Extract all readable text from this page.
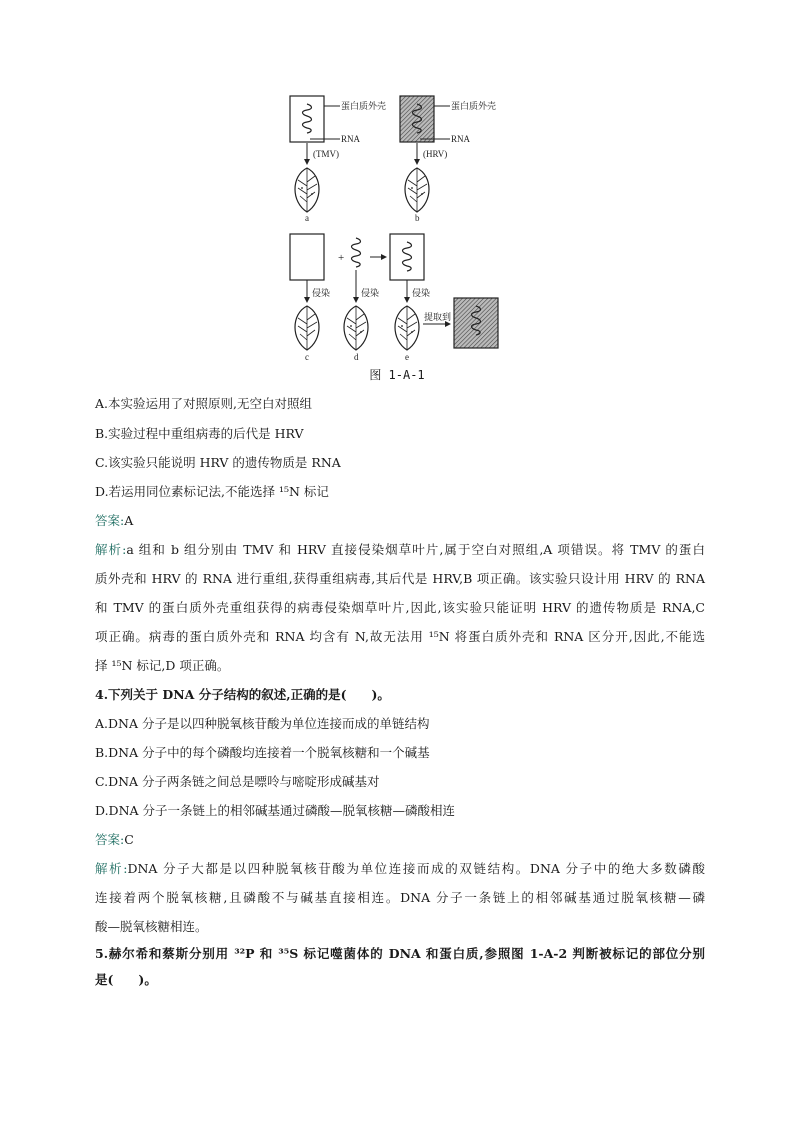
蛋白质外壳
RNA
(TMV)
蛋白质外壳
RNA
(HRV)
a	b
+
侵染	侵染	侵染
c	d	e
提取到
图 1-A-1
A.本实验运用了对照原则,无空白对照组
B.实验过程中重组病毒的后代是 HRV
C.该实验只能说明 HRV 的遗传物质是 RNA
D.若运用同位素标记法,不能选择 ¹⁵N 标记
答案:A
解析:a 组和 b 组分别由 TMV 和 HRV 直接侵染烟草叶片,属于空白对照组,A 项错误。将 TMV 的蛋白
质外壳和 HRV 的 RNA 进行重组,获得重组病毒,其后代是 HRV,B 项正确。该实验只设计用 HRV 的 RNA
和 TMV 的蛋白质外壳重组获得的病毒侵染烟草叶片,因此,该实验只能证明 HRV 的遗传物质是 RNA,C
项正确。病毒的蛋白质外壳和 RNA 均含有 N,故无法用 ¹⁵N 将蛋白质外壳和 RNA 区分开,因此,不能选
择 ¹⁵N 标记,D 项正确。
4.下列关于 DNA 分子结构的叙述,正确的是(　　)。
A.DNA 分子是以四种脱氧核苷酸为单位连接而成的单链结构
B.DNA 分子中的每个磷酸均连接着一个脱氧核糖和一个碱基
C.DNA 分子两条链之间总是嘌呤与嘧啶形成碱基对
D.DNA 分子一条链上的相邻碱基通过磷酸—脱氧核糖—磷酸相连
答案:C
解析:DNA 分子大都是以四种脱氧核苷酸为单位连接而成的双链结构。DNA 分子中的绝大多数磷酸
连接着两个脱氧核糖,且磷酸不与碱基直接相连。DNA 分子一条链上的相邻碱基通过脱氧核糖—磷
酸—脱氧核糖相连。
5.赫尔希和蔡斯分别用 ³²P 和 ³⁵S 标记噬菌体的 DNA 和蛋白质,参照图 1-A-2 判断被标记的部位分别
是(　　)。
